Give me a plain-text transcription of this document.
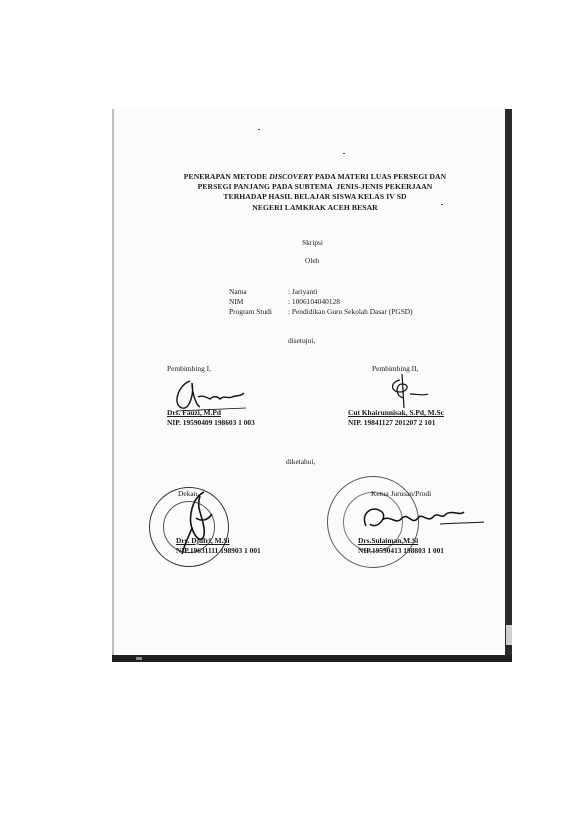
PENERAPAN METODE DISCOVERY PADA MATERI LUAS PERSEGI DAN
PERSEGI PANJANG PADA SUBTEMA  JENIS-JENIS PEKERJAAN
TERHADAP HASIL BELAJAR SISWA KELAS IV SD
NEGERI LAMKRAK ACEH BESAR
Skripsi
Oleh
Nama	: Jariyanti
NIM	: 1006104040128
Program Studi : Pendidikan Guru Sekolah Dasar (PGSD)
disetujui,
Pembimbing I,	Pembimbing II,
Drs. Fauzi, M.Pd
NIP. 19590409 198603 1 003
Cut Khairunnisak, S.Pd, M.Sc
NIP. 19841127 201207 2 101
diketahui,
Dekan,
Drs. Djufri, M.Si
NIP.19631111 198903 1 001
Ketua Jurusan/Prodi
Drs.Sulaiman,M.Si
NIP.19590413 198803 1 001
